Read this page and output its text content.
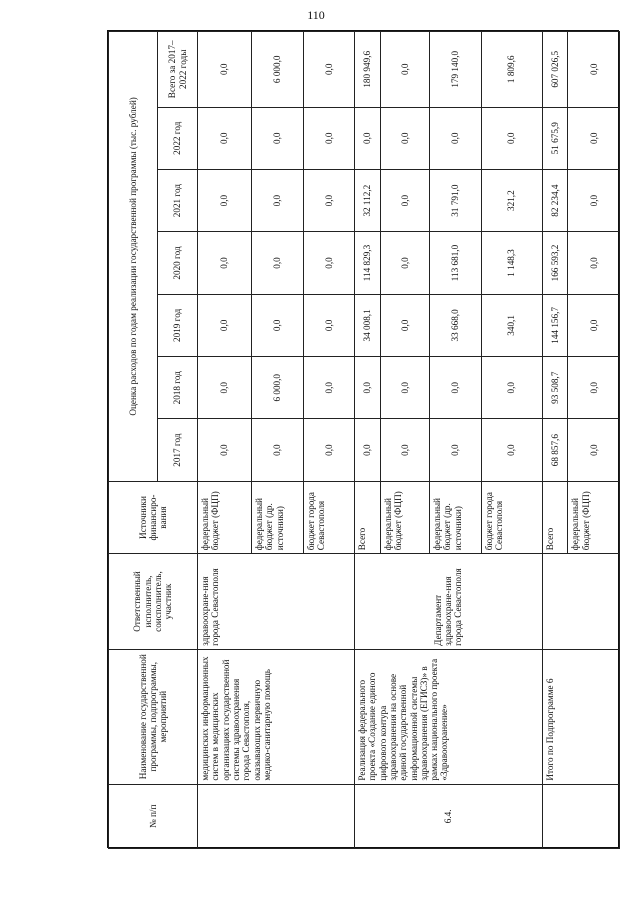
110
№ п/п	Наименование государственной программы, подпрограммы, мероприятий	Ответственный исполнитель, соисполнитель, участник	Источники финансиро-вания	Оценка расходов по годам реализации государственной программы (тыс. рублей)						
				2017 год	2018 год	2019 год	2020 год	2021 год	2022 год	Всего за 2017–2022 годы
	медицинских информационных систем в медицинских организациях государственной системы здравоохранения города Севастополя, оказывающих первичную медико-санитарную помощь	здравоохране-ния города Севастополя	федеральный бюджет (ФЦП)	0,0	0,0	0,0	0,0	0,0	0,0	0,0
			федеральный бюджет (др. источники)	0,0	6 000,0	0,0	0,0	0,0	0,0	6 000,0
			бюджет города Севастополя	0,0	0,0	0,0	0,0	0,0	0,0	0,0
6.4.	Реализация федерального проекта «Создание единого цифрового контура здравоохранения на основе единой государственной информационной системы здравоохранения (ЕГИСЗ)» в рамках национального проекта «Здравоохранение»	Департамент здравоохране-ния города Севастополя	Всего	0,0	0,0	34 008,1	114 829,3	32 112,2	0,0	180 949,6
			федеральный бюджет (ФЦП)	0,0	0,0	0,0	0,0	0,0	0,0	0,0
			федеральный бюджет (др. источники)	0,0	0,0	33 668,0	113 681,0	31 791,0	0,0	179 140,0
			бюджет города Севастополя	0,0	0,0	340,1	1 148,3	321,2	0,0	1 809,6
	Итого по Подпрограмме 6		Всего	68 857,6	93 508,7	144 156,7	166 593,2	82 234,4	51 675,9	607 026,5
			федеральный бюджет (ФЦП)	0,0	0,0	0,0	0,0	0,0	0,0	0,0
